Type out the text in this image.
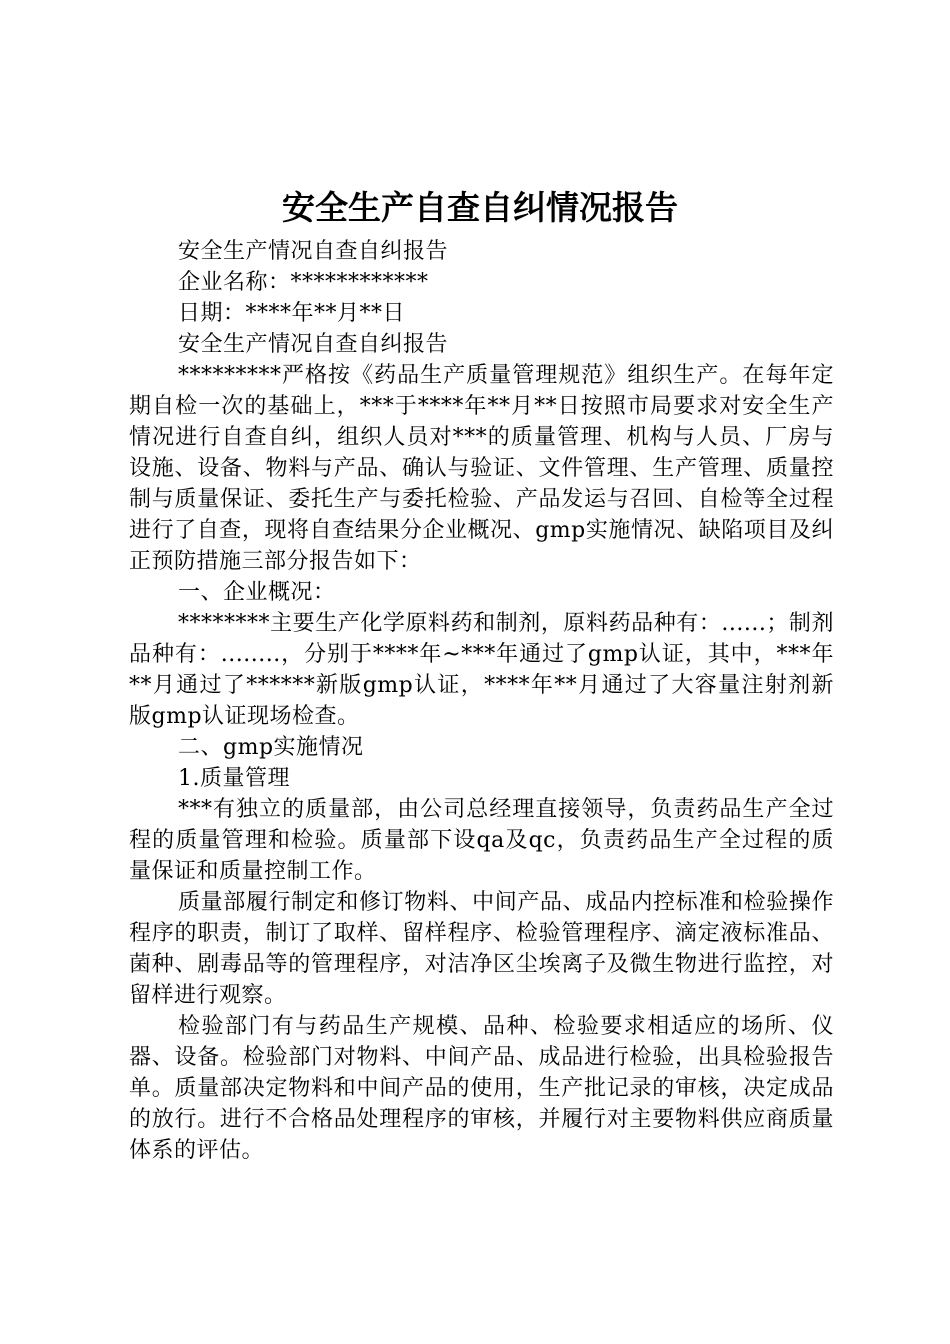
安全生产自查自纠情况报告

安全生产情况自查自纠报告

企业名称：************

日期：****年**月**日

安全生产情况自查自纠报告

*********严格按《药品生产质量管理规范》组织生产。在每年定期自检一次的基础上，***于****年**月**日按照市局要求对安全生产情况进行自查自纠，组织人员对***的质量管理、机构与人员、厂房与设施、设备、物料与产品、确认与验证、文件管理、生产管理、质量控制与质量保证、委托生产与委托检验、产品发运与召回、自检等全过程进行了自查，现将自查结果分企业概况、gmp实施情况、缺陷项目及纠正预防措施三部分报告如下：

一、企业概况：

********主要生产化学原料药和制剂，原料药品种有：......；制剂品种有：........，分别于****年~***年通过了gmp认证，其中，***年**月通过了******新版gmp认证，****年**月通过了大容量注射剂新版gmp认证现场检查。

二、gmp实施情况

1.质量管理

***有独立的质量部，由公司总经理直接领导，负责药品生产全过程的质量管理和检验。质量部下设qa及qc，负责药品生产全过程的质量保证和质量控制工作。

质量部履行制定和修订物料、中间产品、成品内控标准和检验操作程序的职责，制订了取样、留样程序、检验管理程序、滴定液标准品、菌种、剧毒品等的管理程序，对洁净区尘埃离子及微生物进行监控，对留样进行观察。

检验部门有与药品生产规模、品种、检验要求相适应的场所、仪器、设备。检验部门对物料、中间产品、成品进行检验，出具检验报告单。质量部决定物料和中间产品的使用，生产批记录的审核，决定成品的放行。进行不合格品处理程序的审核，并履行对主要物料供应商质量体系的评估。
